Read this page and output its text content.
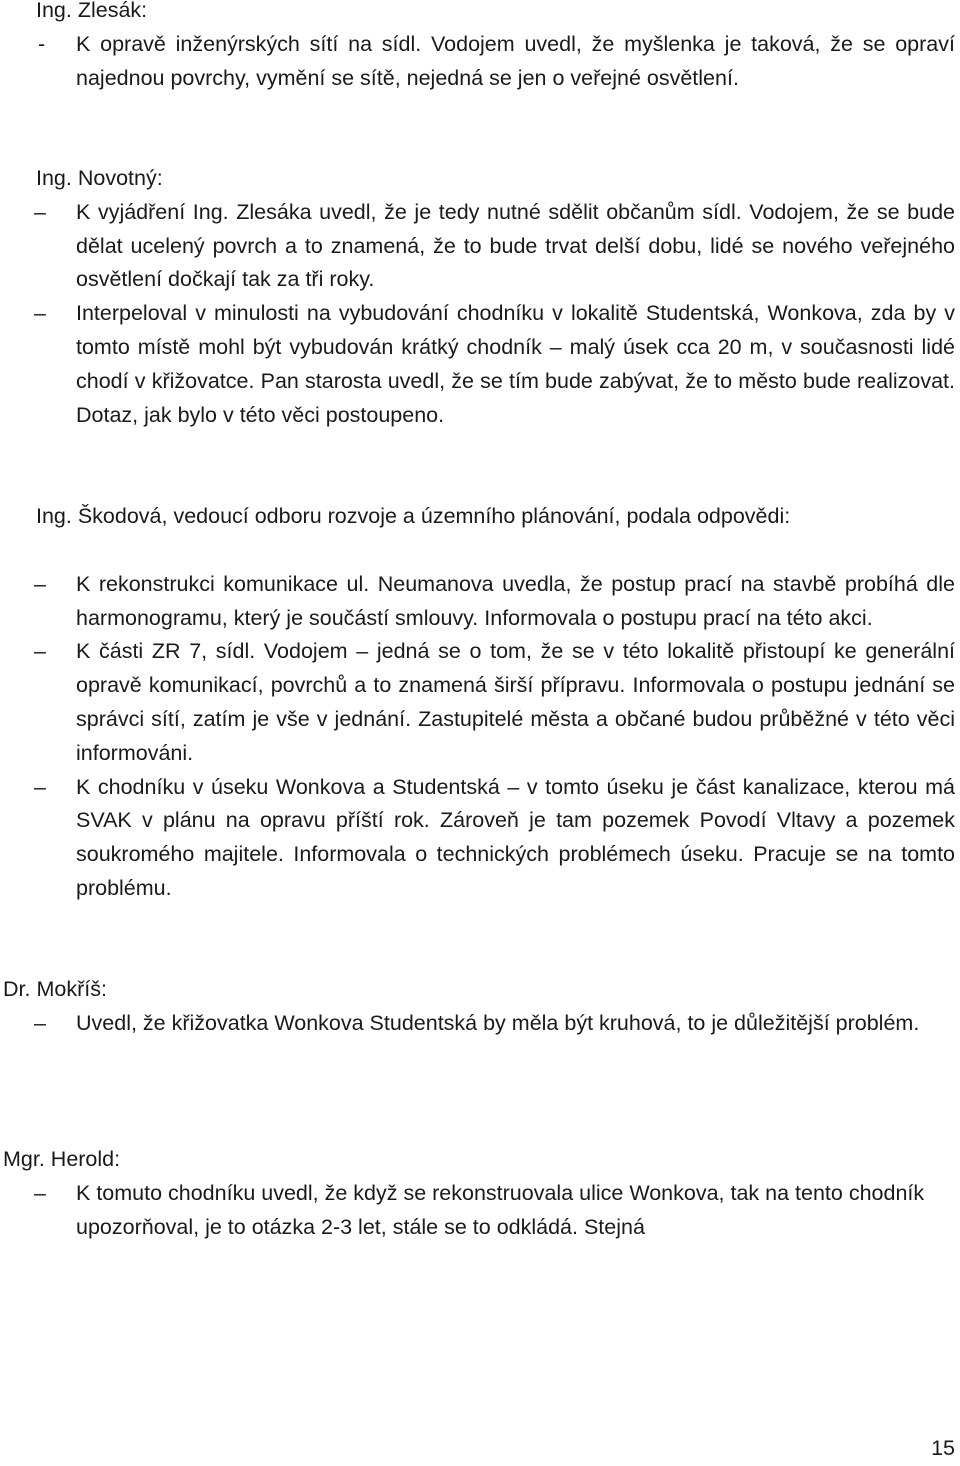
Ing. Zlesák:
- K opravě inženýrských sítí na sídl. Vodojem uvedl, že myšlenka je taková, že se opraví najednou povrchy, vymění se sítě, nejedná se jen o veřejné osvětlení.
Ing. Novotný:
– K vyjádření Ing. Zlesáka uvedl, že je tedy nutné sdělit občanům sídl. Vodojem, že se bude dělat ucelený povrch a to znamená, že to bude trvat delší dobu, lidé se nového veřejného osvětlení dočkají tak za tři roky.
– Interpeloval v minulosti na vybudování chodníku v lokalitě Studentská, Wonkova, zda by v tomto místě mohl být vybudován krátký chodník – malý úsek cca 20 m, v současnosti lidé chodí v křižovatce. Pan starosta uvedl, že se tím bude zabývat, že to město bude realizovat. Dotaz, jak bylo v této věci postoupeno.
Ing. Škodová, vedoucí odboru rozvoje a územního plánování, podala odpovědi:
– K rekonstrukci komunikace ul. Neumanova uvedla, že postup prací na stavbě probíhá dle harmonogramu, který je součástí smlouvy. Informovala o postupu prací na této akci.
– K části ZR 7, sídl. Vodojem – jedná se o tom, že se v této lokalitě přistoupí ke generální opravě komunikací, povrchů a to znamená širší přípravu. Informovala o postupu jednání se správci sítí, zatím je vše v jednání. Zastupitelé města a občané budou průběžné v této věci informováni.
– K chodníku v úseku Wonkova a Studentská – v tomto úseku je část kanalizace, kterou má SVAK v plánu na opravu příští rok. Zároveň je tam pozemek Povodí Vltavy a pozemek soukromého majitele. Informovala o technických problémech úseku. Pracuje se na tomto problému.
Dr. Mokříš:
– Uvedl, že křižovatka Wonkova Studentská by měla být kruhová, to je důležitější problém.
Mgr. Herold:
– K tomuto chodníku uvedl, že když se rekonstruovala ulice Wonkova, tak na tento chodník upozorňoval, je to otázka 2-3 let, stále se to odkládá. Stejná
15
